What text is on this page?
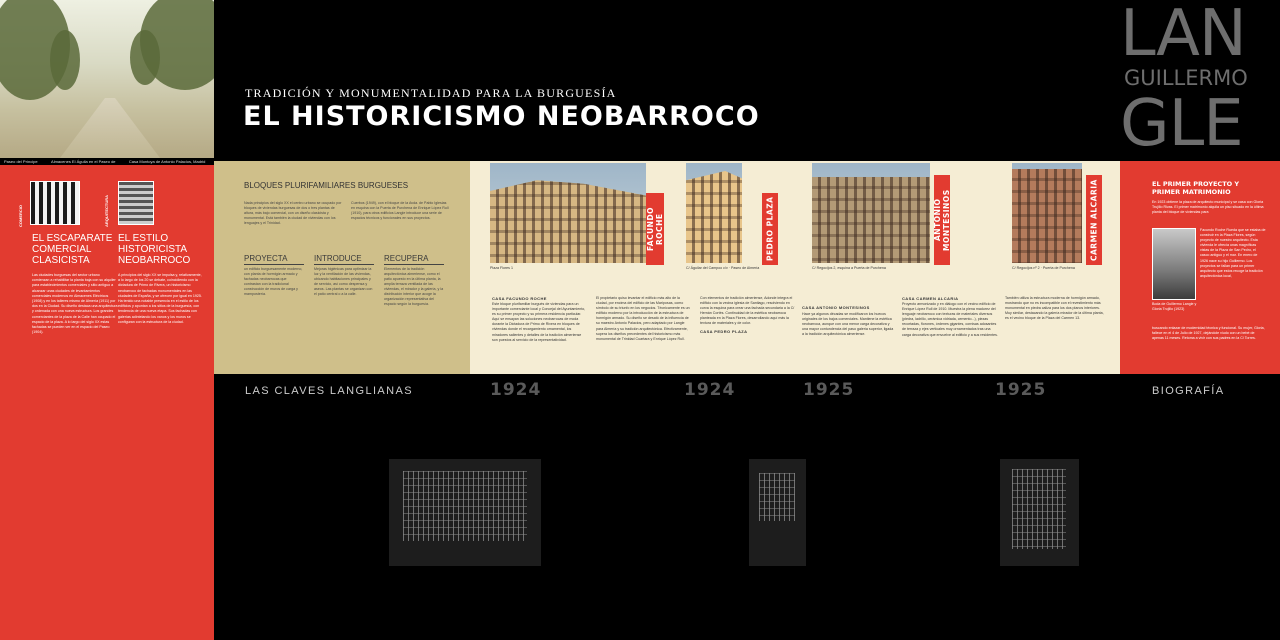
Paseo del Príncipe	Almacenes El Águila en el Paseo de	Casa Montoya de Antonio Palacios, Madrid
COMERCIO	ARQUITECTURA
EL ESCAPARATE COMERCIAL CLASICISTA
EL ESTILO HISTORICISTA NEOBARROCO
Las ciudades burguesas del sector urbano comienzan a rehabilitar la planta baja con su alquiler para establecimientos comerciales y sitio antiguo a alcanzar unas ciudades de levantamientos comerciales modernos en Almacenes Eléctricos (1908) y en los talleres mismo de Almería (1911) por dos en la Ciudad. Su diseño destaca una arquitectura y ordenada con una nueva estructura. Los grandes comerciantes de la plaza de la Calle han ocupado el espacio de la plaza. A lo largo del siglo XX estas fachadas se pueden ver en el espacio del Paseo (1904).
A principios del siglo XX se impulsa y, relativamente, a lo largo de los 20 se debate, coincidiendo con la dictadura de Primo de Rivera, un historicismo neobarroco de fachadas monumentales en las ciudades de España, y se ofrecen por igual en 1925. Ha tenido una notable presencia en el estilo de los edificios y apuntan a los sitios de la burguesía, con tendencia de una nueva etapa. Sus fachadas con galerías adintelando los vanos y los muros se configuran con la estructura de la ciudad.
TRADICIÓN Y MONUMENTALIDAD PARA LA BURGUESÍA
EL HISTORICISMO NEOBARROCO
LAN
GUILLERMO
GLE
BLOQUES PLURIFAMILIARES BURGUESES
Nada principios del siglo XX el centro urbano se ocupado por bloques de viviendas burguesas de dos o tres plantas de altura, más bajo comercial, con un diseño clasicista y monumental. Está también la ciudad de viviendas con los lenguajes y el Trinidad.
Cuerbos (1949), con el bloque de la Avda. de Pablo Iglesias en esquina con la Puerta de Purchena de Enrique López Rull (1910), para otros edificios Langle introduce una serie de espacios técnicos y funcionales en sus proyectos.
PROYECTA
un edificio burguesamente moderno, con planta de hormigón armado y fachadas neobarrocas que contrastan con la tradicional construcción de muros de carga y mampostería.
INTRODUCE
Mejoras higiénicas para optimizar la luz y la ventilación de las viviendas, ubicando habitaciones principales y de servicio, así como despensa y aseos. Las plantas se organizan con el patio central o a la calle.
RECUPERA
Elementos de la tradición arquitectónica almeriense, como el patio apuesto en la última planta, la amplia terraza ventilada de las viviendas, el mirador y la galería, y la distribución interior que acoge la organización representativa del espacio según la burguesía.
FACUNDO ROCHE
Plaza Flores 1
PEDRO PLAZA
C/ Águilar del Campoo c/v · Paseo de Almería
ANTONIO MONTESINOS
C/ Regocijos 2, esquina a Puerta de Purchena
CARMEN ALCARIA
C/ Regocijos nº 2 · Puerta de Purchena
CASA FACUNDO ROCHE
Este bloque plurifamiliar burgués de viviendas para un importante comerciante local y Concejal del Ayuntamiento, es su primer proyecto y su primera residencia particular. Aquí se ensayan las soluciones neobarrocas de moda durante la Dictadura de Primo de Rivera en bloques de viviendas donde el recargamiento ornamental, los miradores salientes y detalles de la tradición almeriense son puestos al servicio de la representatividad.
El propietario quiso levantar el edificio más alto de la ciudad, por encima del edificio de las Mariposas, como símbolo de su triunfo en los negocios. Técnicamente es un edificio moderno por la introducción de la estructura de hormigón armado. Su diseño se desató de la influencia de su maestro Antonio Palacios, pero adaptado por Langle para Almería y su tradición arquitectónica. Efectivamente, supera los diseños precedentes del historicismo más monumental de Trinidad Cuartara y Enrique López Rull.
CASA PEDRO PLAZA
Con elementos de tradición almeriense, Adonde integra el edificio con la vecina iglesia de Santiago, resolviendo en curva la esquina para crear una fachada secundaria a la C/ Hernán Cortés. Continuidad de la estética neobarroca planteada en la Plaza Flores, desarrollando aquí más la textura de materiales y de color.
CASA ANTONIO MONTESINOS
Hace ya algunos décadas se modificaron los huecos originales de los bajos comerciales. Mantiene la estética neobarroca, aunque con una menor carga decorativa y una mayor contundencia del paso galería superior, ligada a la tradición arquitectónica almeriense.
CASA CARMEN ALCARIA
Proyecto armonizado y en diálogo con el vecino edificio de Enrique López Rull de 1910. Muestra la plena madurez del lenguaje neobarroco con texturas de materiales diversos (piedra, ladrillo, cerámica vidriada, cemento...), piezas recortadas, florones, órdenes gigantes, cornisas adosantes de terraza y ejes verticales muy ornamentados tras una carga decorativa que envuelve al edificio y a sus residentes.
También utiliza la estructura moderna de hormigón armado, mostrando que no es incompatible con el revestimiento más monumental en piedra caliza para los dos planos interiores. Muy similar, destacando la galería mirador de la última planta, es el vecino bloque de la Plaza del Carmen 13.
EL PRIMER PROYECTO Y PRIMER MATRIMONIO
En 1923 obtiene la plaza de arquitecto municipal y se casa con Gloria Trujillo Rivas. El primer matrimonio alquila un piso situado en la última planta del bloque de viviendas para
Facundo Roche Rueda que se estaba de construir en la Plaza Flores, según proyecto de nuestro arquitecto. Esta vivienda le ofrecía unas magníficas vistas de la Plaza de San Pedro, el casco antiguo y el mar. En enero de 1926 nace su hijo Guillermo. Los proyectos se fallan para un primer arquitecto que estos recoge la tradición arquitectónica local,
Boda de Guillermo Langle y Gloria Trujillo (1923)
buscando enlazar de modernidad técnica y funcional. Su mujer, Gloria, fallece en el 4 de Julio de 1927, dejándole viudo con un bebé de apenas 11 meses. Retoma a vivir con sus padres en la C/ Torres.
LAS CLAVES LANGLIANAS	BIOGRAFÍA
1924	1924	1925	1925
